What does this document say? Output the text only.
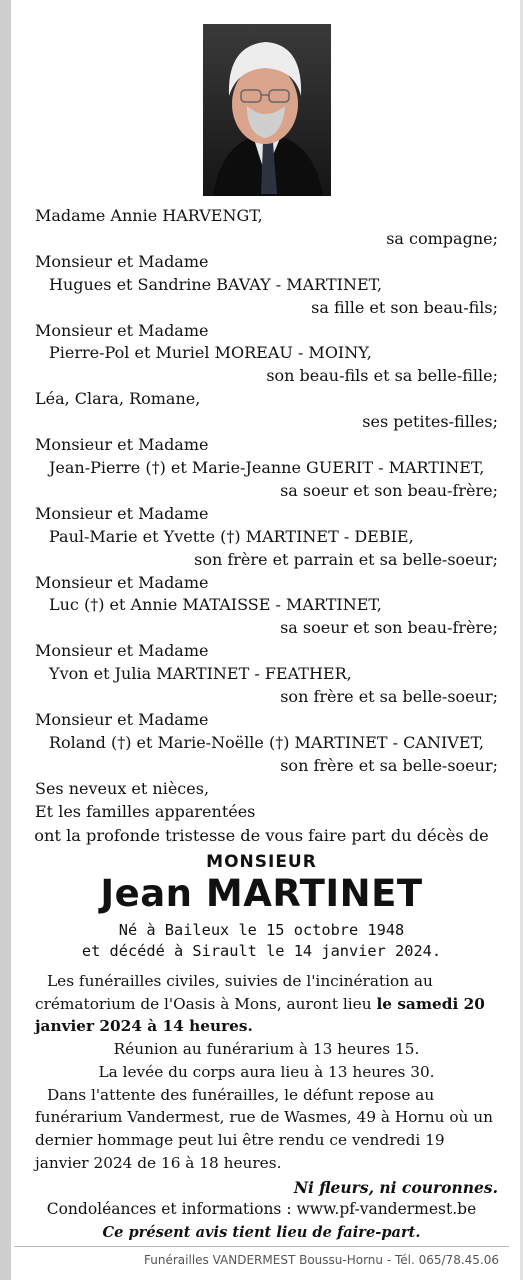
Madame Annie HARVENGT,
sa compagne;
Monsieur et Madame
Hugues et Sandrine BAVAY - MARTINET,
sa fille et son beau-fils;
Monsieur et Madame
Pierre-Pol et Muriel MOREAU - MOINY,
son beau-fils et sa belle-fille;
Léa, Clara, Romane,
ses petites-filles;
Monsieur et Madame
Jean-Pierre (†) et Marie-Jeanne GUERIT - MARTINET,
sa soeur et son beau-frère;
Monsieur et Madame
Paul-Marie et Yvette (†) MARTINET - DEBIE,
son frère et parrain et sa belle-soeur;
Monsieur et Madame
Luc (†) et Annie MATAISSE - MARTINET,
sa soeur et son beau-frère;
Monsieur et Madame
Yvon et Julia MARTINET - FEATHER,
son frère et sa belle-soeur;
Monsieur et Madame
Roland (†) et Marie-Noëlle (†) MARTINET - CANIVET,
son frère et sa belle-soeur;
Ses neveux et nièces,
Et les familles apparentées
ont la profonde tristesse de vous faire part du décès de
MONSIEUR
Jean MARTINET
Né à Baileux le 15 octobre 1948
et décédé à Sirault le 14 janvier 2024.

Les funérailles civiles, suivies de l'incinération au crématorium de l'Oasis à Mons, auront lieu le samedi 20 janvier 2024 à 14 heures.

Réunion au funérarium à 13 heures 15.

La levée du corps aura lieu à 13 heures 30.

Dans l'attente des funérailles, le défunt repose au funérarium Vandermest, rue de Wasmes, 49 à Hornu où un dernier hommage peut lui être rendu ce vendredi 19 janvier 2024 de 16 à 18 heures.

Ni fleurs, ni couronnes.
Condoléances et informations : www.pf-vandermest.be
Ce présent avis tient lieu de faire-part.
Funérailles VANDERMEST Boussu-Hornu - Tél. 065/78.45.06
